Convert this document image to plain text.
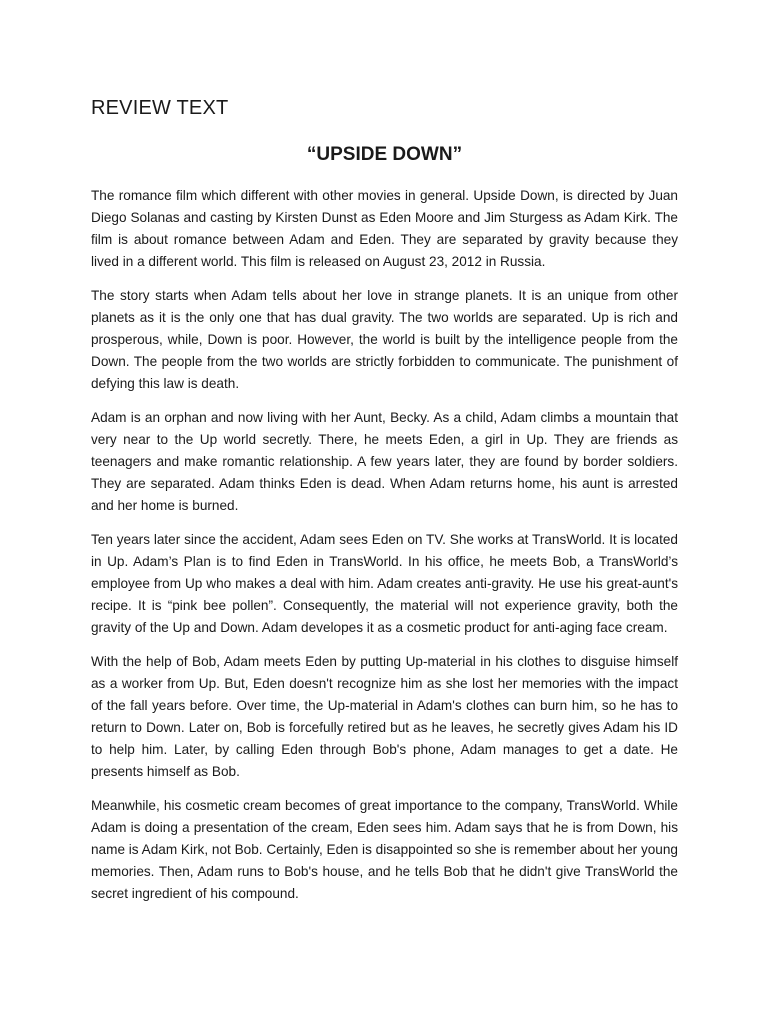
REVIEW TEXT
“UPSIDE DOWN”

The romance film which different with other movies in general. Upside Down, is directed by Juan Diego Solanas and casting by Kirsten Dunst as Eden Moore and Jim Sturgess as Adam Kirk. The film is about romance between Adam and Eden. They are separated by gravity because they lived in a different world. This film is released on August 23, 2012 in Russia.

The story starts when Adam tells about her love in strange planets. It is an unique from other planets as it is the only one that has dual gravity. The two worlds are separated. Up is rich and prosperous, while, Down is poor. However, the world is built by the intelligence people from the Down. The people from the two worlds are strictly forbidden to communicate. The punishment of defying this law is death.

Adam is an orphan and now living with her Aunt, Becky. As a child, Adam climbs a mountain that very near to the Up world secretly. There, he meets Eden, a girl in Up. They are friends as teenagers and make romantic relationship. A few years later, they are found by border soldiers. They are separated. Adam thinks Eden is dead. When Adam returns home, his aunt is arrested and her home is burned.

Ten years later since the accident, Adam sees Eden on TV. She works at TransWorld. It is located in Up. Adam’s Plan is to find Eden in TransWorld. In his office, he meets Bob, a TransWorld’s employee from Up who makes a deal with him. Adam creates anti-gravity. He use his great-aunt's recipe. It is “pink bee pollen”. Consequently, the material will not experience gravity, both the gravity of the Up and Down. Adam developes it as a cosmetic product for anti-aging face cream.

With the help of Bob, Adam meets Eden by putting Up-material in his clothes to disguise himself as a worker from Up. But, Eden doesn't recognize him as she lost her memories with the impact of the fall years before. Over time, the Up-material in Adam's clothes can burn him, so he has to return to Down. Later on, Bob is forcefully retired but as he leaves, he secretly gives Adam his ID to help him. Later, by calling Eden through Bob's phone, Adam manages to get a date. He presents himself as Bob.

Meanwhile, his cosmetic cream becomes of great importance to the company, TransWorld. While Adam is doing a presentation of the cream, Eden sees him. Adam says that he is from Down, his name is Adam Kirk, not Bob. Certainly, Eden is disappointed so she is remember about her young memories. Then, Adam runs to Bob's house, and he tells Bob that he didn't give TransWorld the secret ingredient of his compound.
